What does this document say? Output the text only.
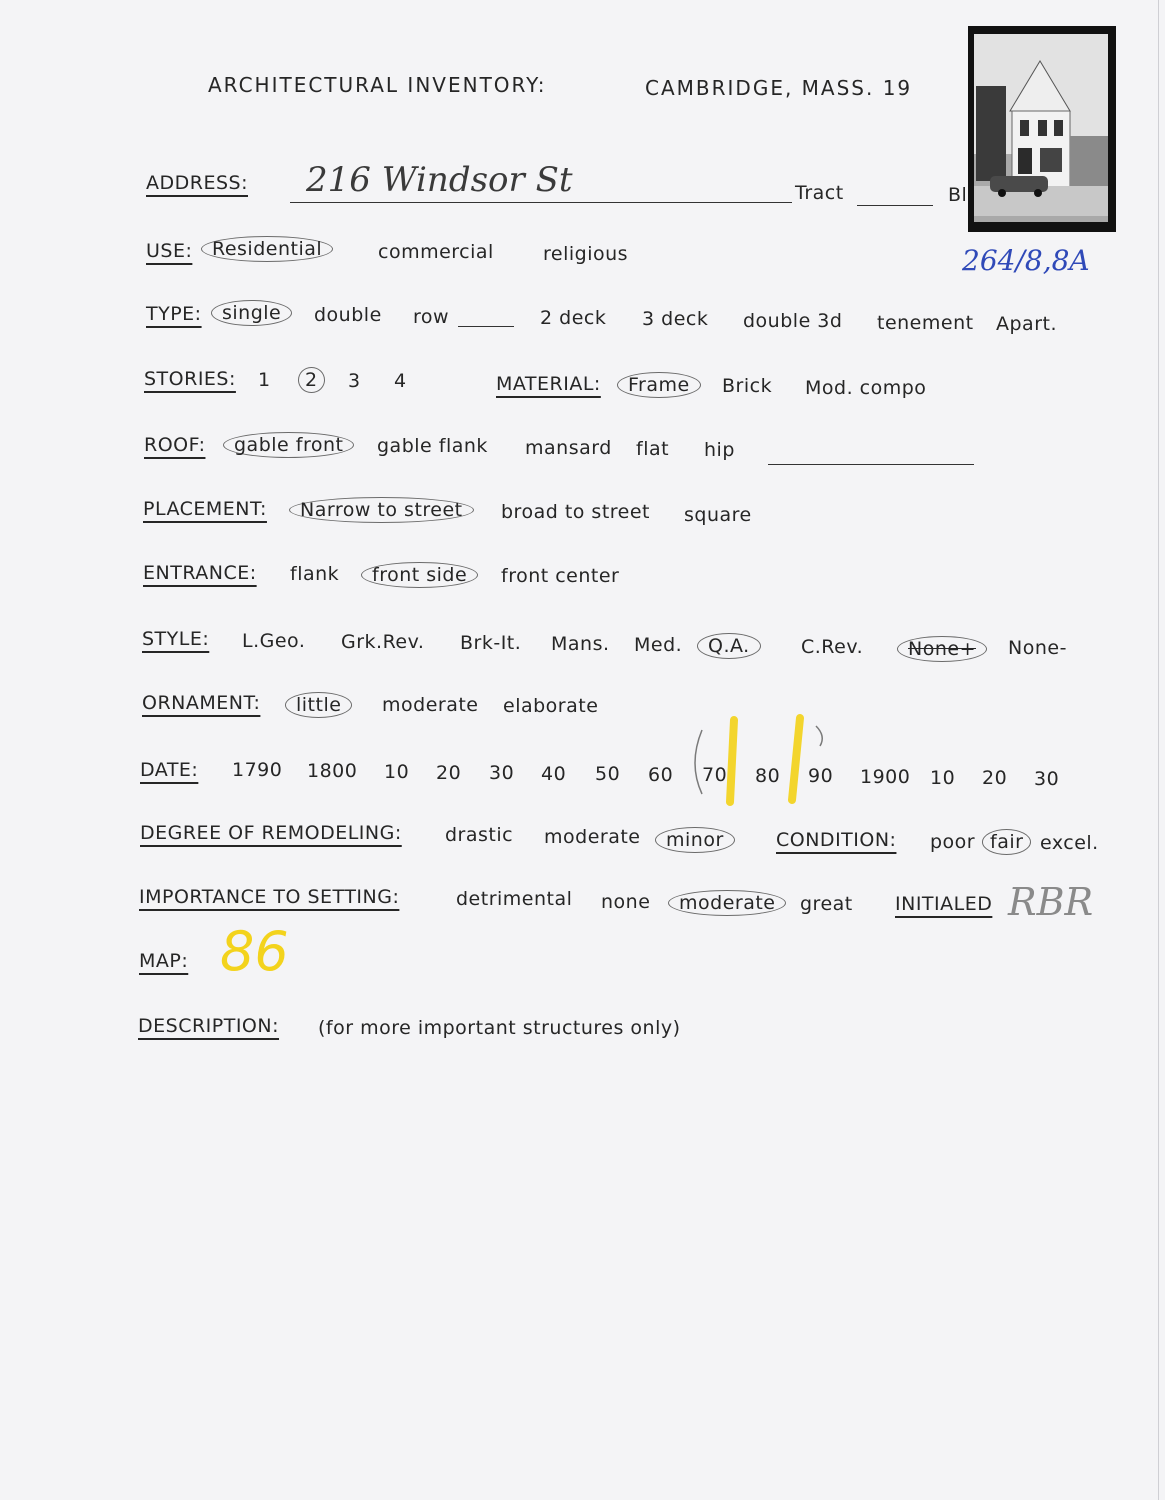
ARCHITECTURAL INVENTORY:	CAMBRIDGE, MASS. 19
ADDRESS: 216 Windsor St	Tract	Bl
264/8,8A
USE:	Residential	commercial	religious
TYPE:	single	double row	2 deck 3 deck double 3d tenement Apart.
STORIES: 1	2	3 4	MATERIAL:	Frame	Brick Mod. compo
ROOF:	gable front	gable flank mansard flat hip
PLACEMENT:	Narrow to street	broad to street square
ENTRANCE: flank	front side	front center
STYLE: L.Geo. Grk.Rev. Brk-It. Mans. Med.	Q.A.	C.Rev.	None+	None-
ORNAMENT:	little	moderate elaborate
DATE: 1790 1800 10 20 30 40 50 60 70 80 90 1900 10 20 30
DEGREE OF REMODELING: drastic moderate	minor	CONDITION: poor fair excel.
IMPORTANCE TO SETTING:	detrimental none	moderate	great INITIALED RBR
MAP: 86
DESCRIPTION: (for more important structures only)
